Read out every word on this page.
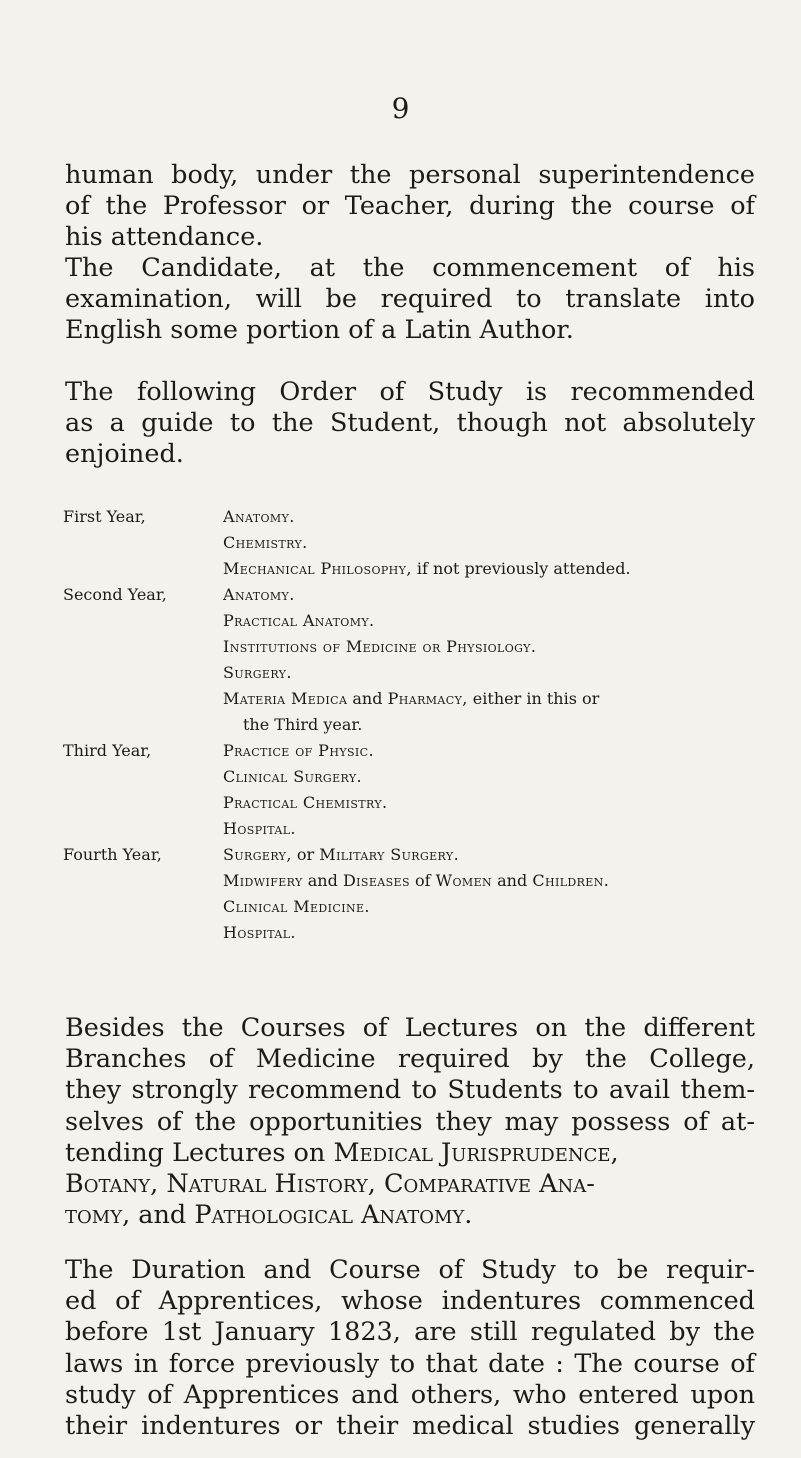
9

human body, under the personal superintendence
of the Professor or Teacher, during the course of
his attendance.

The Candidate, at the commencement of his
examination, will be required to translate into
English some portion of a Latin Author.

The following Order of Study is recommended
as a guide to the Student, though not absolutely
enjoined.

First Year,	Anatomy.
Chemistry.
Mechanical Philosophy, if not previously attended.
Second Year,	Anatomy.
Practical Anatomy.
Institutions of Medicine or Physiology.
Surgery.
Materia Medica and Pharmacy, either in this or
the Third year.
Third Year,	Practice of Physic.
Clinical Surgery.
Practical Chemistry.
Hospital.
Fourth Year,	Surgery, or Military Surgery.
Midwifery and Diseases of Women and Children.
Clinical Medicine.
Hospital.

Besides the Courses of Lectures on the different
Branches of Medicine required by the College,
they strongly recommend to Students to avail them-
selves of the opportunities they may possess of at-
tending Lectures on Medical Jurisprudence,
Botany, Natural History, Comparative Ana-
tomy, and Pathological Anatomy.

The Duration and Course of Study to be requir-
ed of Apprentices, whose indentures commenced
before 1st January 1823, are still regulated by the
laws in force previously to that date : The course of
study of Apprentices and others, who entered upon
their indentures or their medical studies generally
